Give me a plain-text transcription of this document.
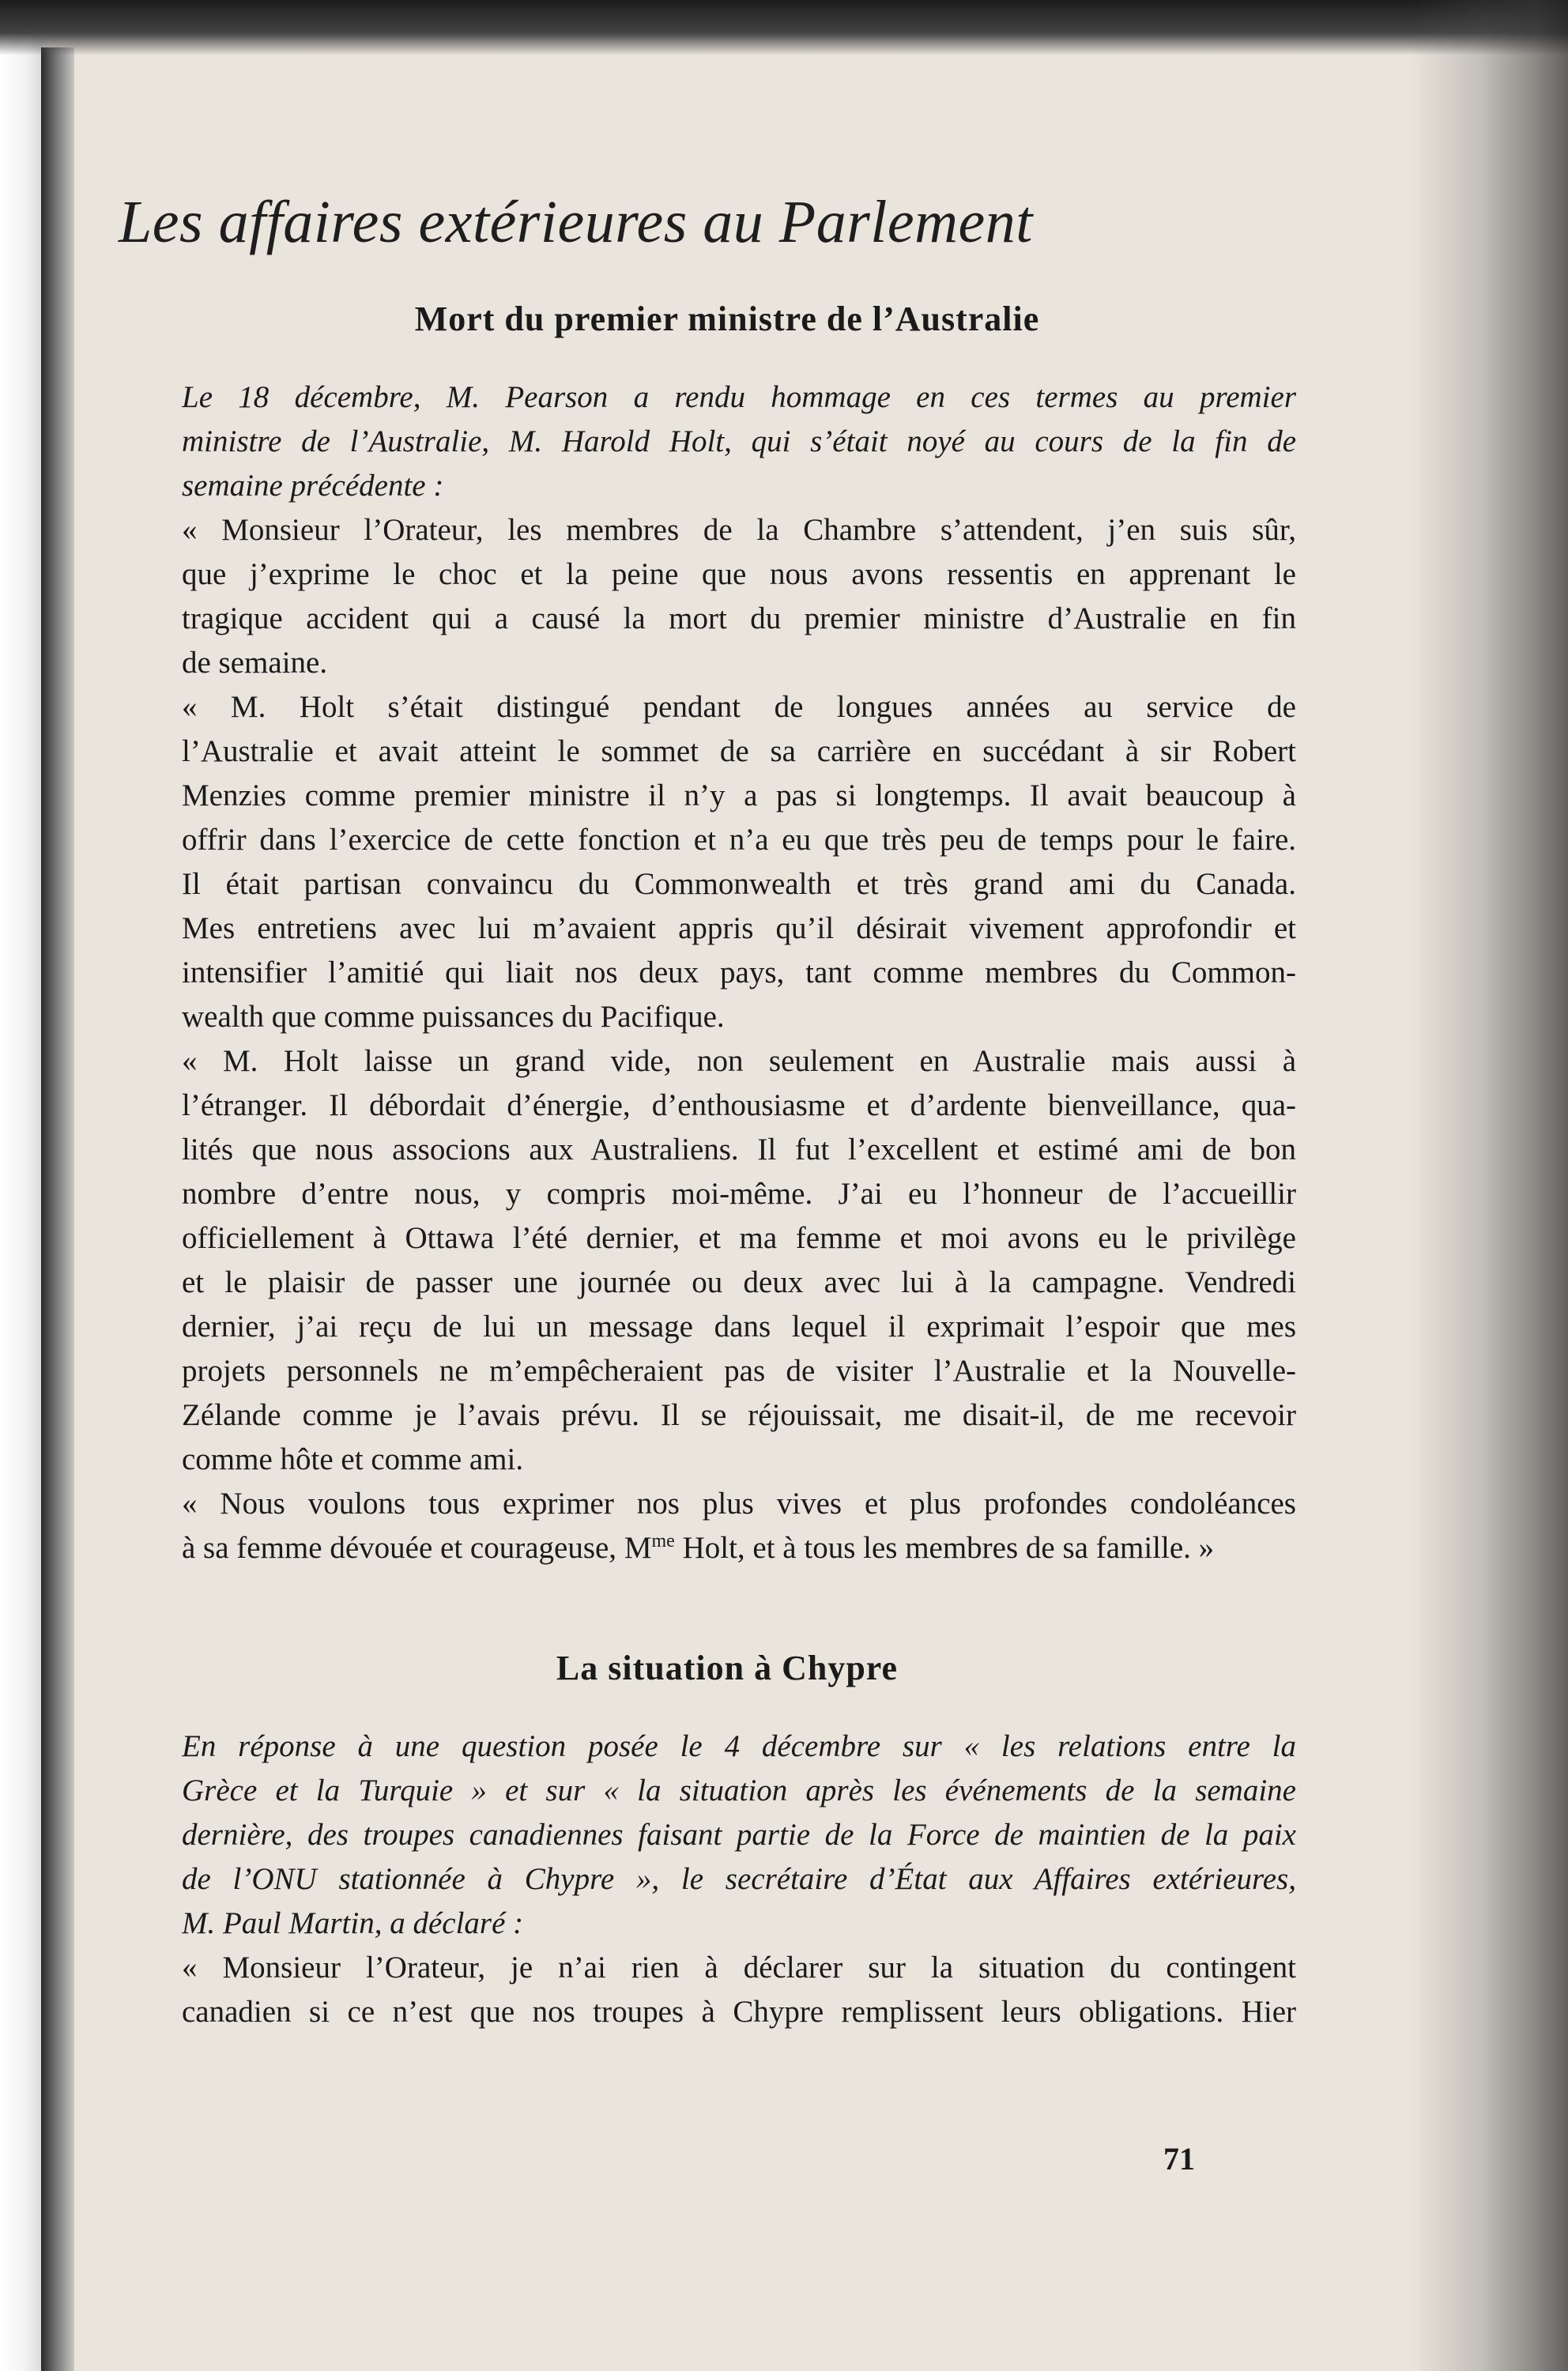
Les affaires extérieures au Parlement
Mort du premier ministre de l’Australie
Le 18 décembre, M. Pearson a rendu hommage en ces termes au premier
ministre de l’Australie, M. Harold Holt, qui s’était noyé au cours de la fin de
semaine précédente :
« Monsieur l’Orateur, les membres de la Chambre s’attendent, j’en suis sûr,
que j’exprime le choc et la peine que nous avons ressentis en apprenant le
tragique accident qui a causé la mort du premier ministre d’Australie en fin
de semaine.
« M. Holt s’était distingué pendant de longues années au service de
l’Australie et avait atteint le sommet de sa carrière en succédant à sir Robert
Menzies comme premier ministre il n’y a pas si longtemps. Il avait beaucoup à
offrir dans l’exercice de cette fonction et n’a eu que très peu de temps pour le faire.
Il était partisan convaincu du Commonwealth et très grand ami du Canada.
Mes entretiens avec lui m’avaient appris qu’il désirait vivement approfondir et
intensifier l’amitié qui liait nos deux pays, tant comme membres du Common-
wealth que comme puissances du Pacifique.
« M. Holt laisse un grand vide, non seulement en Australie mais aussi à
l’étranger. Il débordait d’énergie, d’enthousiasme et d’ardente bienveillance, qua-
lités que nous associons aux Australiens. Il fut l’excellent et estimé ami de bon
nombre d’entre nous, y compris moi-même. J’ai eu l’honneur de l’accueillir
officiellement à Ottawa l’été dernier, et ma femme et moi avons eu le privilège
et le plaisir de passer une journée ou deux avec lui à la campagne. Vendredi
dernier, j’ai reçu de lui un message dans lequel il exprimait l’espoir que mes
projets personnels ne m’empêcheraient pas de visiter l’Australie et la Nouvelle-
Zélande comme je l’avais prévu. Il se réjouissait, me disait-il, de me recevoir
comme hôte et comme ami.
« Nous voulons tous exprimer nos plus vives et plus profondes condoléances
à sa femme dévouée et courageuse, $M^{me}$ Holt, et à tous les membres de sa famille. »
La situation à Chypre
En réponse à une question posée le 4 décembre sur « les relations entre la
Grèce et la Turquie » et sur « la situation après les événements de la semaine
dernière, des troupes canadiennes faisant partie de la Force de maintien de la paix
de l’ONU stationnée à Chypre », le secrétaire d’État aux Affaires extérieures,
M. Paul Martin, a déclaré :
« Monsieur l’Orateur, je n’ai rien à déclarer sur la situation du contingent
canadien si ce n’est que nos troupes à Chypre remplissent leurs obligations. Hier
71
